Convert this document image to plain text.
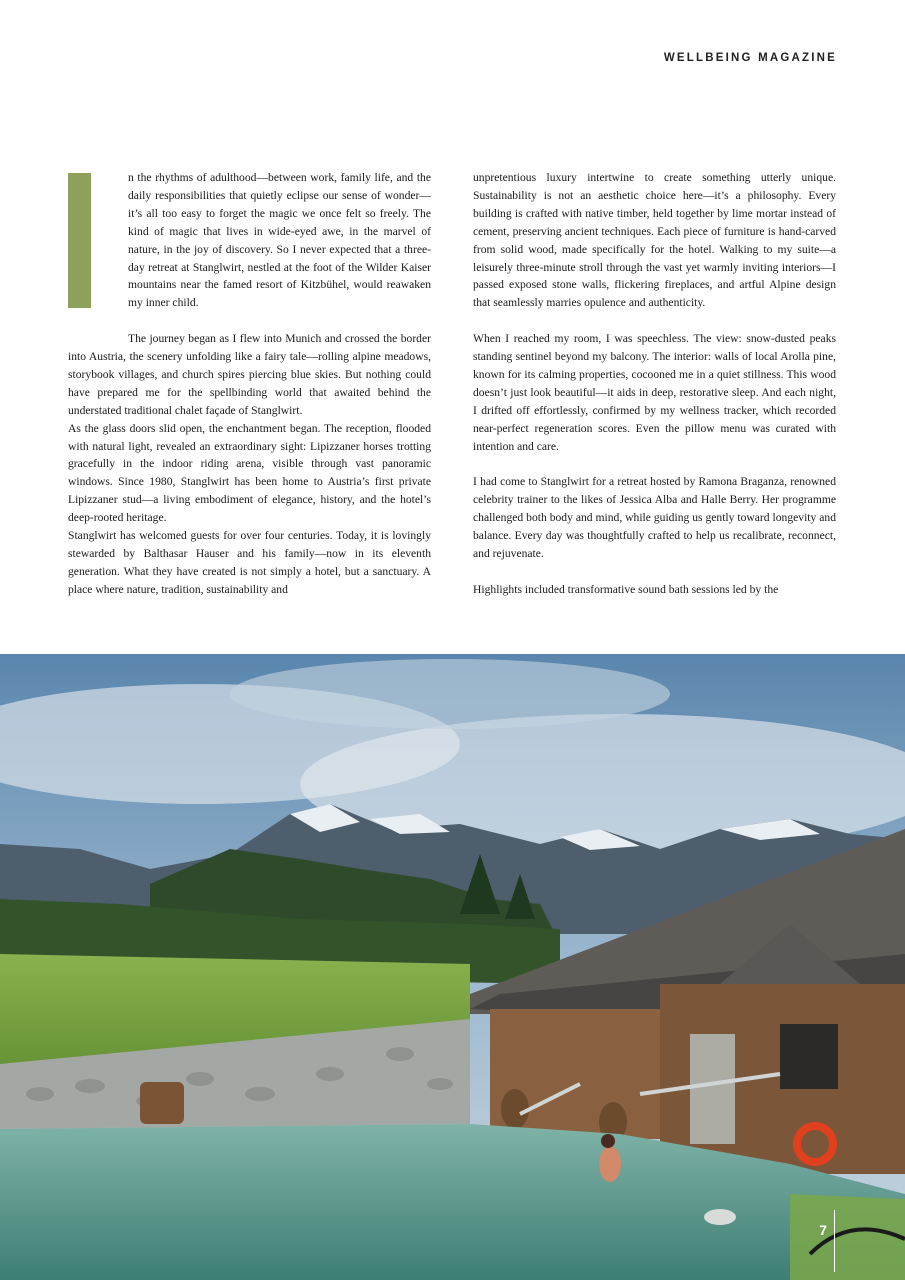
WELLBEING MAGAZINE

n the rhythms of adulthood—between work, family life, and the daily responsibilities that quietly eclipse our sense of wonder—it’s all too easy to forget the magic we once felt so freely. The kind of magic that lives in wide-eyed awe, in the marvel of nature, in the joy of discovery. So I never expected that a three-day retreat at Stanglwirt, nestled at the foot of the Wilder Kaiser mountains near the famed resort of Kitzbühel, would reawaken my inner child.

The journey began as I flew into Munich and crossed the border into Austria, the scenery unfolding like a fairy tale—rolling alpine meadows, storybook villages, and church spires piercing blue skies. But nothing could have prepared me for the spellbinding world that awaited behind the understated traditional chalet façade of Stanglwirt.

As the glass doors slid open, the enchantment began. The reception, flooded with natural light, revealed an extraordinary sight: Lipizzaner horses trotting gracefully in the indoor riding arena, visible through vast panoramic windows. Since 1980, Stanglwirt has been home to Austria’s first private Lipizzaner stud—a living embodiment of elegance, history, and the hotel’s deep-rooted heritage.

Stanglwirt has welcomed guests for over four centuries. Today, it is lovingly stewarded by Balthasar Hauser and his family—now in its eleventh generation. What they have created is not simply a hotel, but a sanctuary. A place where nature, tradition, sustainability and

unpretentious luxury intertwine to create something utterly unique. Sustainability is not an aesthetic choice here—it’s a philosophy. Every building is crafted with native timber, held together by lime mortar instead of cement, preserving ancient techniques. Each piece of furniture is hand-carved from solid wood, made specifically for the hotel. Walking to my suite—a leisurely three-minute stroll through the vast yet warmly inviting interiors—I passed exposed stone walls, flickering fireplaces, and artful Alpine design that seamlessly marries opulence and authenticity.

When I reached my room, I was speechless. The view: snow-dusted peaks standing sentinel beyond my balcony. The interior: walls of local Arolla pine, known for its calming properties, cocooned me in a quiet stillness. This wood doesn’t just look beautiful—it aids in deep, restorative sleep. And each night, I drifted off effortlessly, confirmed by my wellness tracker, which recorded near-perfect regeneration scores. Even the pillow menu was curated with intention and care.

I had come to Stanglwirt for a retreat hosted by Ramona Braganza, renowned celebrity trainer to the likes of Jessica Alba and Halle Berry. Her programme challenged both body and mind, while guiding us gently toward longevity and balance. Every day was thoughtfully crafted to help us recalibrate, reconnect, and rejuvenate.

Highlights included transformative sound bath sessions led by the

7
